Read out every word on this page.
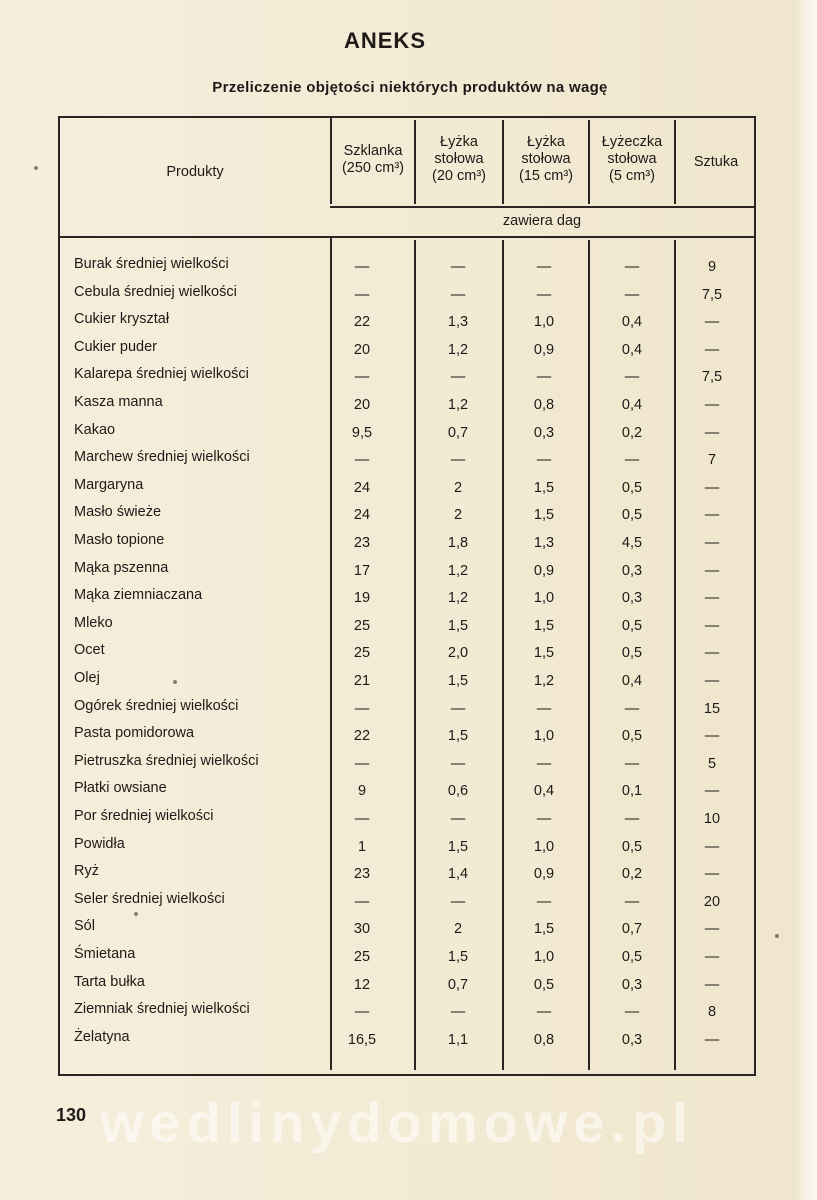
ANEKS
Przeliczenie objętości niektórych produktów na wagę
Produkty
Szklanka
(250 cm³)
Łyżka
stołowa
(20 cm³)
Łyżka
stołowa
(15 cm³)
Łyżeczka
stołowa
(5 cm³)
Sztuka
zawiera dag
Burak średniej wielkości	—	—	—	—	9
Cebula średniej wielkości	—	—	—	—	7,5
Cukier kryształ	22	1,3	1,0	0,4	—
Cukier puder	20	1,2	0,9	0,4	—
Kalarepa średniej wielkości	—	—	—	—	7,5
Kasza manna	20	1,2	0,8	0,4	—
Kakao	9,5	0,7	0,3	0,2	—
Marchew średniej wielkości	—	—	—	—	7
Margaryna	24	2	1,5	0,5	—
Masło świeże	24	2	1,5	0,5	—
Masło topione	23	1,8	1,3	4,5	—
Mąka pszenna	17	1,2	0,9	0,3	—
Mąka ziemniaczana	19	1,2	1,0	0,3	—
Mleko	25	1,5	1,5	0,5	—
Ocet	25	2,0	1,5	0,5	—
Olej	21	1,5	1,2	0,4	—
Ogórek średniej wielkości	—	—	—	—	15
Pasta pomidorowa	22	1,5	1,0	0,5	—
Pietruszka średniej wielkości	—	—	—	—	5
Płatki owsiane	9	0,6	0,4	0,1	—
Por średniej wielkości	—	—	—	—	10
Powidła	1	1,5	1,0	0,5	—
Ryż	23	1,4	0,9	0,2	—
Seler średniej wielkości	—	—	—	—	20
Sól	30	2	1,5	0,7	—
Śmietana	25	1,5	1,0	0,5	—
Tarta bułka	12	0,7	0,5	0,3	—
Ziemniak średniej wielkości	—	—	—	—	8
Żelatyna	16,5	1,1	0,8	0,3	—
130 wedlinydomowe.pl
